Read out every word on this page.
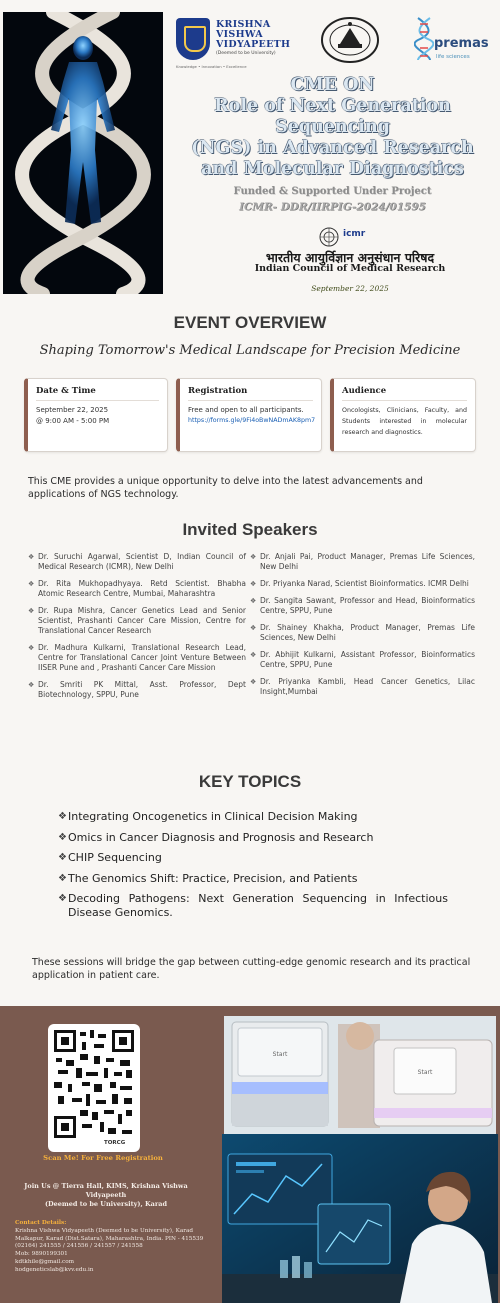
KRISHNA
VISHWA
VIDYAPEETH
(Deemed to be University)
Knowledge • Innovation • Excellence
premas
life sciences
CME ON
Role of Next Generation Sequencing
(NGS) in Advanced Research
and Molecular Diagnostics
Funded & Supported Under Project
ICMR- DDR/IIRPIG-2024/01595
icmr
भारतीय आयुर्विज्ञान अनुसंधान परिषद
Indian Council of Medical Research
September 22, 2025
EVENT OVERVIEW
Shaping Tomorrow's Medical Landscape for Precision Medicine
Date & Time

September 22, 2025

@ 9:00 AM - 5:00 PM

Registration

Free and open to all participants.

https://forms.gle/9Fi4oBwNADmAK8pm7
Audience

Oncologists, Clinicians, Faculty, and Students interested in molecular research and diagnostics.

This CME provides a unique opportunity to delve into the latest advancements and applications of NGS technology.
Invited Speakers
❖ Dr. Suruchi Agarwal, Scientist D, Indian Council of Medical Research (ICMR), New Delhi
❖ Dr. Rita Mukhopadhyaya. Retd Scientist. Bhabha Atomic Research Centre, Mumbai, Maharashtra
❖ Dr. Rupa Mishra, Cancer Genetics Lead and Senior Scientist, Prashanti Cancer Care Mission, Centre for Translational Cancer Research
❖ Dr. Madhura Kulkarni, Translational Research Lead, Centre for Translational Cancer Joint Venture Between IISER Pune and , Prashanti Cancer Care Mission
❖ Dr. Smriti PK Mittal, Asst. Professor, Dept Biotechnology, SPPU, Pune
❖ Dr. Anjali Pai, Product Manager, Premas Life Sciences, New Delhi
❖ Dr. Priyanka Narad, Scientist Bioinformatics. ICMR Delhi
❖ Dr. Sangita Sawant, Professor and Head, Bioinformatics Centre, SPPU, Pune
❖ Dr. Shainey Khakha, Product Manager, Premas Life Sciences, New Delhi
❖ Dr. Abhijit Kulkarni, Assistant Professor, Bioinformatics Centre, SPPU, Pune
❖ Dr. Priyanka Kambli, Head Cancer Genetics, Lilac Insight,Mumbai
KEY TOPICS
❖ Integrating Oncogenetics in Clinical Decision Making
❖ Omics in Cancer Diagnosis and Prognosis and Research
❖ CHIP Sequencing
❖ The Genomics Shift: Practice, Precision, and Patients
❖ Decoding Pathogens: Next Generation Sequencing in Infectious Disease Genomics.
These sessions will bridge the gap between cutting-edge genomic research and its practical application in patient care.
TORCG
Scan Me! For Free Registration
Join Us @ Tierra Hall, KIMS, Krishna Vishwa Vidyapeeth
(Deemed to be University), Karad
Contact Details:
Krishna Vishwa Vidyapeeth (Deemed to be University), Karad
Malkapur, Karad (Dist.Satara), Maharashtra, India. PIN - 415539
(02164) 241555 / 241556 / 241557 / 241558
Mob: 9890199301
kdtkhile@gmail.com
hodgeneticslab@kvv.edu.in
Start
Start
